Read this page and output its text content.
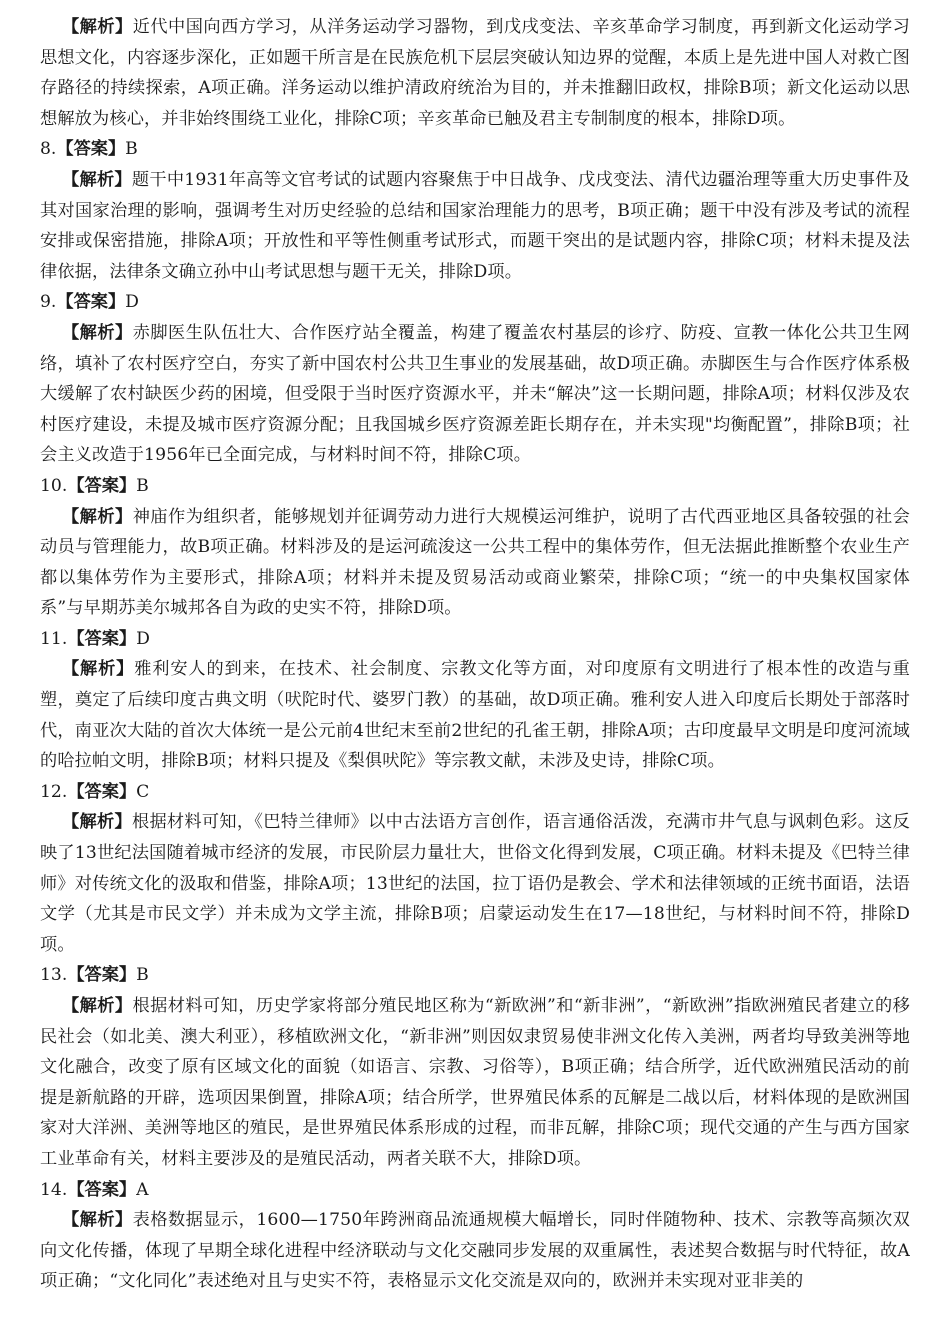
【解析】近代中国向西方学习，从洋务运动学习器物，到戊戌变法、辛亥革命学习制度，再到新文化运动学习思想文化，内容逐步深化，正如题干所言是在民族危机下层层突破认知边界的觉醒，本质上是先进中国人对救亡图存路径的持续探索，A项正确。洋务运动以维护清政府统治为目的，并未推翻旧政权，排除B项；新文化运动以思想解放为核心，并非始终围绕工业化，排除C项；辛亥革命已触及君主专制制度的根本，排除D项。

8.【答案】B

【解析】题干中1931年高等文官考试的试题内容聚焦于中日战争、戊戌变法、清代边疆治理等重大历史事件及其对国家治理的影响，强调考生对历史经验的总结和国家治理能力的思考，B项正确；题干中没有涉及考试的流程安排或保密措施，排除A项；开放性和平等性侧重考试形式，而题干突出的是试题内容，排除C项；材料未提及法律依据，法律条文确立孙中山考试思想与题干无关，排除D项。

9.【答案】D

【解析】赤脚医生队伍壮大、合作医疗站全覆盖，构建了覆盖农村基层的诊疗、防疫、宣教一体化公共卫生网络，填补了农村医疗空白，夯实了新中国农村公共卫生事业的发展基础，故D项正确。赤脚医生与合作医疗体系极大缓解了农村缺医少药的困境，但受限于当时医疗资源水平，并未“解决”这一长期问题，排除A项；材料仅涉及农村医疗建设，未提及城市医疗资源分配；且我国城乡医疗资源差距长期存在，并未实现"均衡配置”，排除B项；社会主义改造于1956年已全面完成，与材料时间不符，排除C项。

10.【答案】B

【解析】神庙作为组织者，能够规划并征调劳动力进行大规模运河维护，说明了古代西亚地区具备较强的社会动员与管理能力，故B项正确。材料涉及的是运河疏浚这一公共工程中的集体劳作，但无法据此推断整个农业生产都以集体劳作为主要形式，排除A项；材料并未提及贸易活动或商业繁荣，排除C项；“统一的中央集权国家体系”与早期苏美尔城邦各自为政的史实不符，排除D项。

11.【答案】D

【解析】雅利安人的到来，在技术、社会制度、宗教文化等方面，对印度原有文明进行了根本性的改造与重塑，奠定了后续印度古典文明（吠陀时代、婆罗门教）的基础，故D项正确。雅利安人进入印度后长期处于部落时代，南亚次大陆的首次大体统一是公元前4世纪末至前2世纪的孔雀王朝，排除A项；古印度最早文明是印度河流域的哈拉帕文明，排除B项；材料只提及《梨俱吠陀》等宗教文献，未涉及史诗，排除C项。

12.【答案】C

【解析】根据材料可知，《巴特兰律师》以中古法语方言创作，语言通俗活泼，充满市井气息与讽刺色彩。这反映了13世纪法国随着城市经济的发展，市民阶层力量壮大，世俗文化得到发展，C项正确。材料未提及《巴特兰律师》对传统文化的汲取和借鉴，排除A项；13世纪的法国，拉丁语仍是教会、学术和法律领域的正统书面语，法语文学（尤其是市民文学）并未成为文学主流，排除B项；启蒙运动发生在17—18世纪，与材料时间不符，排除D项。

13.【答案】B

【解析】根据材料可知，历史学家将部分殖民地区称为“新欧洲”和“新非洲”，“新欧洲”指欧洲殖民者建立的移民社会（如北美、澳大利亚），移植欧洲文化，“新非洲”则因奴隶贸易使非洲文化传入美洲，两者均导致美洲等地文化融合，改变了原有区域文化的面貌（如语言、宗教、习俗等），B项正确；结合所学，近代欧洲殖民活动的前提是新航路的开辟，选项因果倒置，排除A项；结合所学，世界殖民体系的瓦解是二战以后，材料体现的是欧洲国家对大洋洲、美洲等地区的殖民，是世界殖民体系形成的过程，而非瓦解，排除C项；现代交通的产生与西方国家工业革命有关，材料主要涉及的是殖民活动，两者关联不大，排除D项。

14.【答案】A

【解析】表格数据显示，1600—1750年跨洲商品流通规模大幅增长，同时伴随物种、技术、宗教等高频次双向文化传播，体现了早期全球化进程中经济联动与文化交融同步发展的双重属性，表述契合数据与时代特征，故A项正确；“文化同化”表述绝对且与史实不符，表格显示文化交流是双向的，欧洲并未实现对亚非美的
